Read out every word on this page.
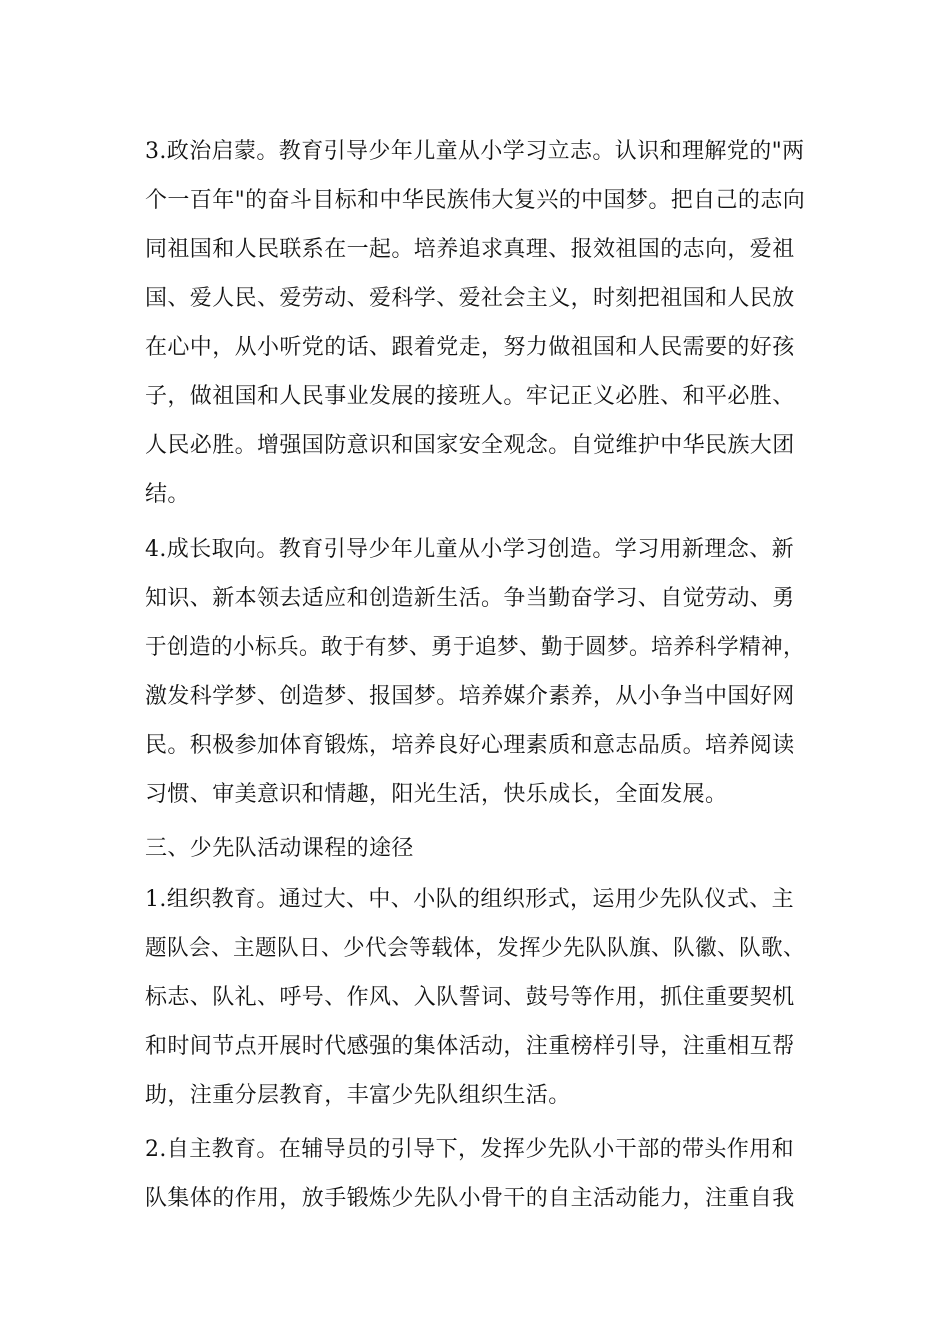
3.政治启蒙。教育引导少年儿童从小学习立志。认识和理解党的"两
个一百年"的奋斗目标和中华民族伟大复兴的中国梦。把自己的志向
同祖国和人民联系在一起。培养追求真理、报效祖国的志向，爱祖
国、爱人民、爱劳动、爱科学、爱社会主义，时刻把祖国和人民放
在心中，从小听党的话、跟着党走，努力做祖国和人民需要的好孩
子，做祖国和人民事业发展的接班人。牢记正义必胜、和平必胜、
人民必胜。增强国防意识和国家安全观念。自觉维护中华民族大团
结。
4.成长取向。教育引导少年儿童从小学习创造。学习用新理念、新
知识、新本领去适应和创造新生活。争当勤奋学习、自觉劳动、勇
于创造的小标兵。敢于有梦、勇于追梦、勤于圆梦。培养科学精神，
激发科学梦、创造梦、报国梦。培养媒介素养，从小争当中国好网
民。积极参加体育锻炼，培养良好心理素质和意志品质。培养阅读
习惯、审美意识和情趣，阳光生活，快乐成长，全面发展。
三、少先队活动课程的途径
1.组织教育。通过大、中、小队的组织形式，运用少先队仪式、主
题队会、主题队日、少代会等载体，发挥少先队队旗、队徽、队歌、
标志、队礼、呼号、作风、入队誓词、鼓号等作用，抓住重要契机
和时间节点开展时代感强的集体活动，注重榜样引导，注重相互帮
助，注重分层教育，丰富少先队组织生活。
2.自主教育。在辅导员的引导下，发挥少先队小干部的带头作用和
队集体的作用，放手锻炼少先队小骨干的自主活动能力，注重自我
